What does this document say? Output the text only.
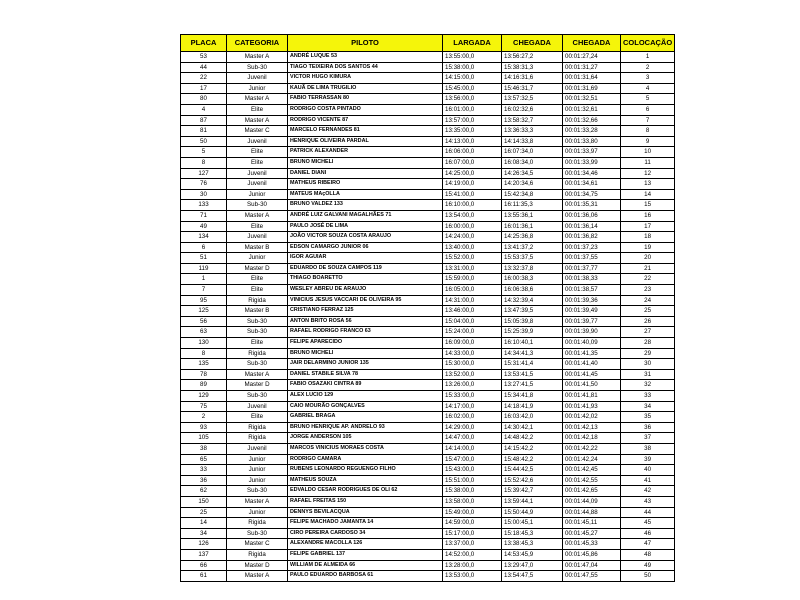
PLACA	CATEGORIA	PILOTO	LARGADA	CHEGADA	CHEGADA	COLOCAÇÃO
53	Master A	ANDRÉ LUQUE 53	13:55:00,0	13:56:27,2	00:01:27,24	1
44	Sub-30	TIAGO TEIXEIRA DOS SANTOS 44	15:38:00,0	15:38:31,3	00:01:31,27	2
22	Juvenil	VICTOR HUGO KIMURA	14:15:00,0	14:16:31,6	00:01:31,64	3
17	Junior	KAUÃ DE LIMA TRUGILIO	15:45:00,0	15:46:31,7	00:01:31,69	4
80	Master A	FABIO TERRASSAN 80	13:56:00,0	13:57:32,5	00:01:32,51	5
4	Elite	RODRIGO COSTA PINTADO	16:01:00,0	16:02:32,6	00:01:32,61	6
87	Master A	RODRIGO VICENTE 87	13:57:00,0	13:58:32,7	00:01:32,66	7
81	Master C	MARCELO FERNANDES 81	13:35:00,0	13:36:33,3	00:01:33,28	8
50	Juvenil	HENRIQUE OLIVEIRA PARDAL	14:13:00,0	14:14:33,8	00:01:33,80	9
5	Elite	PATRICK ALEXANDER	16:06:00,0	16:07:34,0	00:01:33,97	10
8	Elite	BRUNO MICHELI	16:07:00,0	16:08:34,0	00:01:33,99	11
127	Juvenil	DANIEL DIANI	14:25:00,0	14:26:34,5	00:01:34,46	12
76	Juvenil	MATHEUS RIBEIRO	14:19:00,0	14:20:34,6	00:01:34,61	13
30	Junior	MATEUS MAçOLLA	15:41:00,0	15:42:34,8	00:01:34,75	14
133	Sub-30	BRUNO VALDEZ 133	16:10:00,0	16:11:35,3	00:01:35,31	15
71	Master A	ANDRÉ LUIZ GALVANI MAGALHÃES 71	13:54:00,0	13:55:36,1	00:01:36,06	16
49	Elite	PAULO JOSÉ DE LIMA	16:00:00,0	16:01:36,1	00:01:36,14	17
134	Juvenil	JOÃO VICTOR SOUZA COSTA ARAUJO	14:24:00,0	14:25:36,8	00:01:36,82	18
6	Master B	EDSON CAMARGO JUNIOR 06	13:40:00,0	13:41:37,2	00:01:37,23	19
51	Junior	IGOR AGUIAR	15:52:00,0	15:53:37,5	00:01:37,55	20
119	Master D	EDUARDO DE SOUZA CAMPOS 119	13:31:00,0	13:32:37,8	00:01:37,77	21
1	Elite	THIAGO BOARETTO	15:59:00,0	16:00:38,3	00:01:38,33	22
7	Elite	WESLEY ABREU DE ARAUJO	16:05:00,0	16:06:38,6	00:01:38,57	23
95	Rigida	VINICIUS JESUS VACCARI DE OLIVEIRA 95	14:31:00,0	14:32:39,4	00:01:39,36	24
125	Master B	CRISTIANO FERRAZ 125	13:46:00,0	13:47:39,5	00:01:39,49	25
56	Sub-30	ANTON BRITO ROSA 56	15:04:00,0	15:05:39,8	00:01:39,77	26
63	Sub-30	RAFAEL RODRIGO FRANCO 63	15:24:00,0	15:25:39,9	00:01:39,90	27
130	Elite	FELIPE APARECIDO	16:09:00,0	16:10:40,1	00:01:40,09	28
8	Rigida	BRUNO MICHELI	14:33:00,0	14:34:41,3	00:01:41,35	29
135	Sub-30	JAIR DELARMINO JUNIOR 135	15:30:00,0	15:31:41,4	00:01:41,40	30
78	Master A	DANIEL STABILE SILVA 78	13:52:00,0	13:53:41,5	00:01:41,45	31
89	Master D	FABIO OSAZAKI CINTRA 89	13:26:00,0	13:27:41,5	00:01:41,50	32
129	Sub-30	ALEX LUCIO 129	15:33:00,0	15:34:41,8	00:01:41,81	33
75	Juvenil	CAIO MOURÃO GONÇALVES	14:17:00,0	14:18:41,9	00:01:41,93	34
2	Elite	GABRIEL BRAGA	16:02:00,0	16:03:42,0	00:01:42,02	35
93	Rigida	BRUNO HENRIQUE AP. ANDRELO 93	14:29:00,0	14:30:42,1	00:01:42,13	36
105	Rigida	JORGE ANDERSON 105	14:47:00,0	14:48:42,2	00:01:42,18	37
38	Juvenil	MARCOS VINICIUS MORAES COSTA	14:14:00,0	14:15:42,2	00:01:42,22	38
65	Junior	RODRIGO CAMARA	15:47:00,0	15:48:42,2	00:01:42,24	39
33	Junior	RUBENS LEONARDO REGUENGO FILHO	15:43:00,0	15:44:42,5	00:01:42,45	40
36	Junior	MATHEUS SOUZA	15:51:00,0	15:52:42,6	00:01:42,55	41
62	Sub-30	EDVALDO CESAR RODRIGUES DE OLI 62	15:38:00,0	15:39:42,7	00:01:42,65	42
150	Master A	RAFAEL FREITAS 150	13:58:00,0	13:59:44,1	00:01:44,09	43
25	Junior	DENNYS BEVILACQUA	15:49:00,0	15:50:44,9	00:01:44,88	44
14	Rigida	FELIPE MACHADO JAMANTA 14	14:59:00,0	15:00:45,1	00:01:45,11	45
34	Sub-30	CIRO PEREIRA CARDOSO 34	15:17:00,0	15:18:45,3	00:01:45,27	46
126	Master C	ALEXANDRE MACOLLA 126	13:37:00,0	13:38:45,3	00:01:45,33	47
137	Rigida	FELIPE GABRIEL 137	14:52:00,0	14:53:45,9	00:01:45,86	48
66	Master D	WILLIAM DE ALMEIDA 66	13:28:00,0	13:29:47,0	00:01:47,04	49
61	Master A	PAULO EDUARDO BARBOSA 61	13:53:00,0	13:54:47,5	00:01:47,55	50
